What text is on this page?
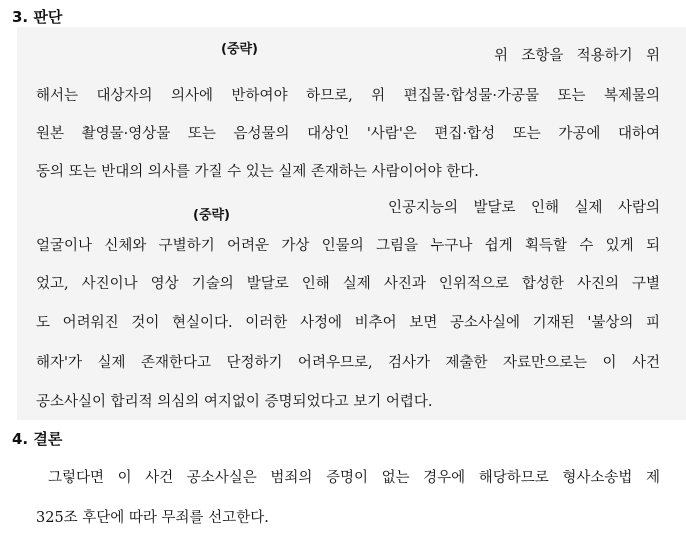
3. 판단
(중략)	위 조항을 적용하기 위
해서는 대상자의 의사에 반하여야 하므로, 위 편집물·합성물·가공물 또는 복제물의
원본 촬영물·영상물 또는 음성물의 대상인 '사람'은 편집·합성 또는 가공에 대하여
동의 또는 반대의 의사를 가질 수 있는 실제 존재하는 사람이어야 한다.
(중략)	인공지능의 발달로 인해 실제 사람의
얼굴이나 신체와 구별하기 어려운 가상 인물의 그림을 누구나 쉽게 획득할 수 있게 되
었고, 사진이나 영상 기술의 발달로 인해 실제 사진과 인위적으로 합성한 사진의 구별
도 어려워진 것이 현실이다. 이러한 사정에 비추어 보면 공소사실에 기재된 '불상의 피
해자'가 실제 존재한다고 단정하기 어려우므로, 검사가 제출한 자료만으로는 이 사건
공소사실이 합리적 의심의 여지없이 증명되었다고 보기 어렵다.
4. 결론
그렇다면 이 사건 공소사실은 범죄의 증명이 없는 경우에 해당하므로 형사소송법 제
325조 후단에 따라 무죄를 선고한다.
